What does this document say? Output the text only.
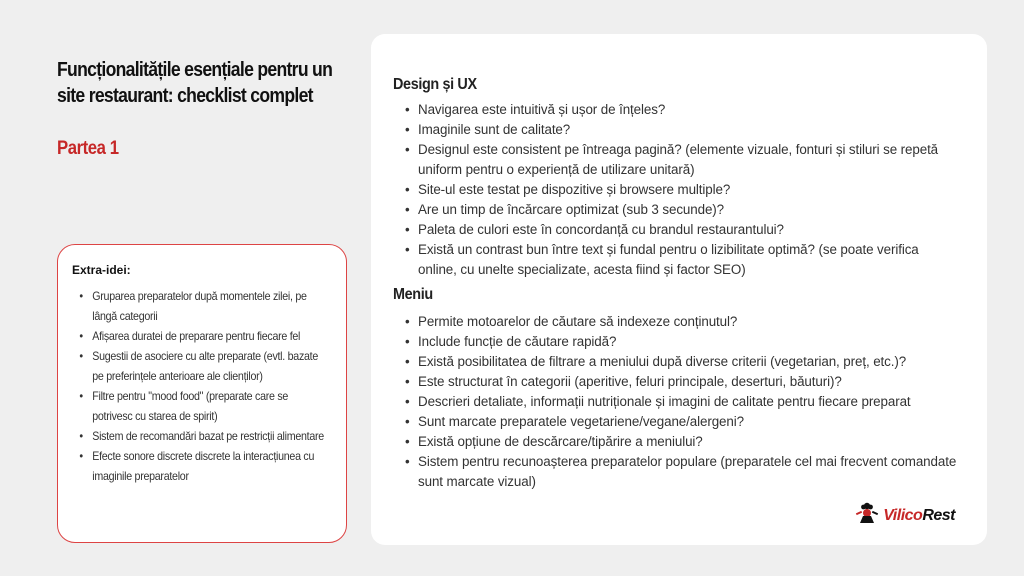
Funcționalitățile esențiale pentru un site restaurant: checklist complet
Partea 1
Extra-idei:
• Gruparea preparatelor după momentele zilei, pe lângă categorii
• Afișarea duratei de preparare pentru fiecare fel
• Sugestii de asociere cu alte preparate (evtl. bazate pe preferințele anterioare ale clienților)
• Filtre pentru "mood food" (preparate care se potrivesc cu starea de spirit)
• Sistem de recomandări bazat pe restricții alimentare
• Efecte sonore discrete discrete la interacțiunea cu imaginile preparatelor
Design și UX
• Navigarea este intuitivă și ușor de înțeles?
• Imaginile sunt de calitate?
• Designul este consistent pe întreaga pagină? (elemente vizuale, fonturi și stiluri se repetă uniform pentru o experiență de utilizare unitară)
• Site-ul este testat pe dispozitive și browsere multiple?
• Are un timp de încărcare optimizat (sub 3 secunde)?
• Paleta de culori este în concordanță cu brandul restaurantului?
• Există un contrast bun între text și fundal pentru o lizibilitate optimă? (se poate verifica online, cu unelte specializate, acesta fiind și factor SEO)
Meniu
• Permite motoarelor de căutare să indexeze conținutul?
• Include funcție de căutare rapidă?
• Există posibilitatea de filtrare a meniului după diverse criterii (vegetarian, preț, etc.)?
• Este structurat în categorii (aperitive, feluri principale, deserturi, băuturi)?
• Descrieri detaliate, informații nutriționale și imagini de calitate pentru fiecare preparat
• Sunt marcate preparatele vegetariene/vegane/alergeni?
• Există opțiune de descărcare/tipărire a meniului?
• Sistem pentru recunoașterea preparatelor populare (preparatele cel mai frecvent comandate sunt marcate vizual)
VilicoRest
